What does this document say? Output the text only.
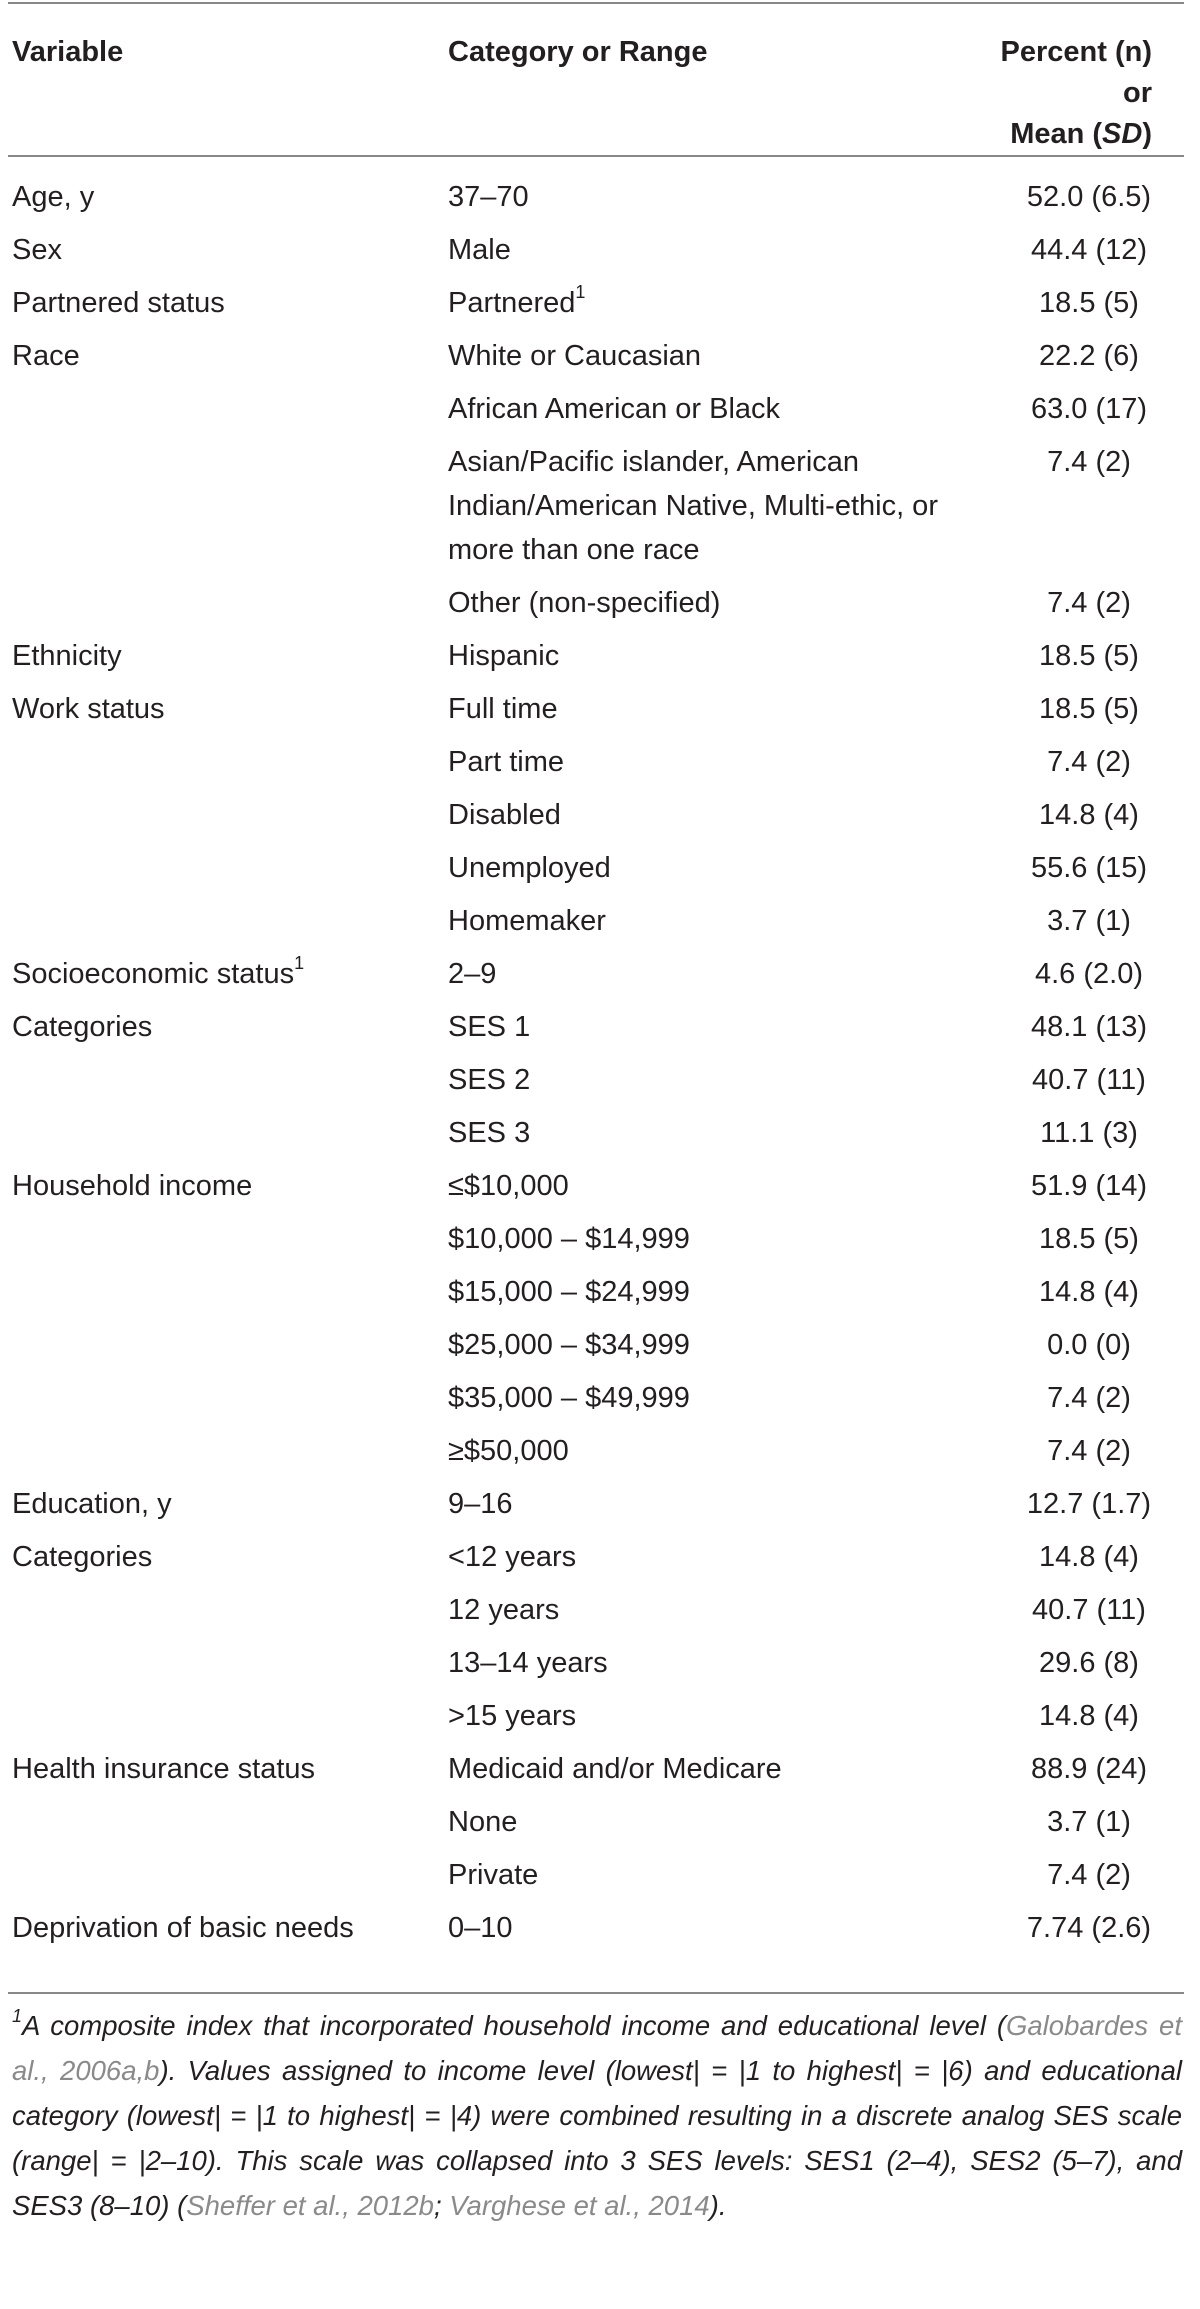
Variable	Category or Range	Percent (n) or
Mean (SD)

Age, y	37–70	52.0 (6.5)
Sex	Male	44.4 (12)
Partnered status	Partnered$^1$	18.5 (5)
Race	White or Caucasian	22.2 (6)
	African American or Black	63.0 (17)
	Asian/Pacific islander, American Indian/American Native, Multi-ethic, or more than one race	7.4 (2)
	Other (non-specified)	7.4 (2)
Ethnicity	Hispanic	18.5 (5)
Work status	Full time	18.5 (5)
	Part time	7.4 (2)
	Disabled	14.8 (4)
	Unemployed	55.6 (15)
	Homemaker	3.7 (1)
Socioeconomic status$^1$	2–9	4.6 (2.0)
Categories	SES 1	48.1 (13)
	SES 2	40.7 (11)
	SES 3	11.1 (3)
Household income	≤$10,000	51.9 (14)
	$10,000 – $14,999	18.5 (5)
	$15,000 – $24,999	14.8 (4)
	$25,000 – $34,999	0.0 (0)
	$35,000 – $49,999	7.4 (2)
	≥$50,000	7.4 (2)
Education, y	9–16	12.7 (1.7)
Categories	<12 years	14.8 (4)
	12 years	40.7 (11)
	13–14 years	29.6 (8)
	>15 years	14.8 (4)
Health insurance status	Medicaid and/or Medicare	88.9 (24)
	None	3.7 (1)
	Private	7.4 (2)
Deprivation of basic needs	0–10	7.74 (2.6)
$^1$A composite index that incorporated household income and educational level (Galobardes et al., 2006a,b). Values assigned to income level (lowest| = |1 to highest| = |6) and educational category (lowest| = |1 to highest| = |4) were combined resulting in a discrete analog SES scale (range| = |2–10). This scale was collapsed into 3 SES levels: SES1 (2–4), SES2 (5–7), and SES3 (8–10) (Sheffer et al., 2012b; Varghese et al., 2014).
